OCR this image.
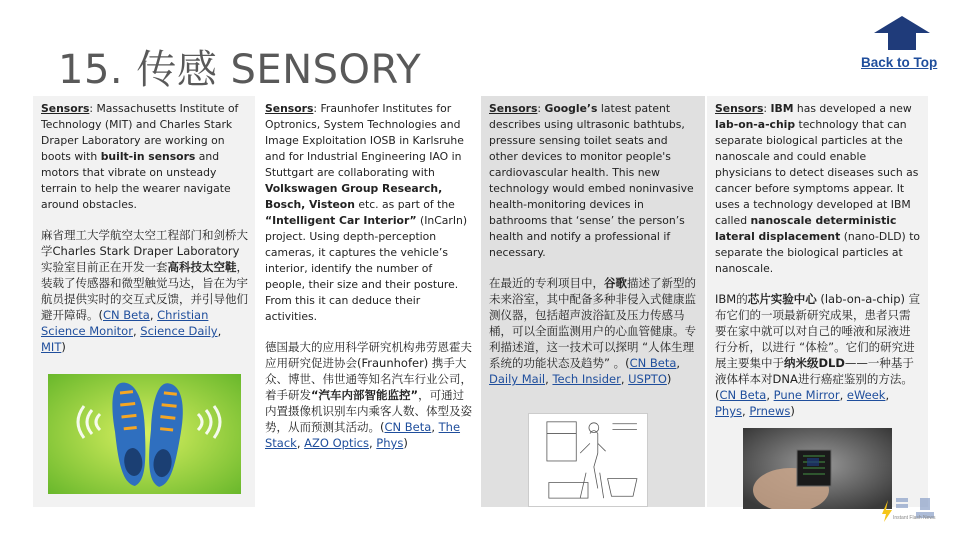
15. 传感 SENSORY	Back to Top

Sensors: Massachusetts Institute of Technology (MIT) and Charles Stark Draper Laboratory are working on boots with built-in sensors and motors that vibrate on unsteady terrain to help the wearer navigate around obstacles.

麻省理工大学航空太空工程部门和剑桥大学Charles Stark Draper Laboratory实验室目前正在开发一套高科技太空鞋，装载了传感器和微型触觉马达，旨在为宇航员提供实时的交互式反馈，并引导他们避开障碍。(CN Beta, Christian Science Monitor, Science Daily, MIT)

Sensors: Fraunhofer Institutes for Optronics, System Technologies and Image Exploitation IOSB in Karlsruhe and for Industrial Engineering IAO in Stuttgart are collaborating with Volkswagen Group Research, Bosch, Visteon etc. as part of the “Intelligent Car Interior” (InCarIn) project. Using depth-perception cameras, it captures the vehicle’s interior, identify the number of people, their size and their posture. From this it can deduce their activities.

德国最大的应用科学研究机构弗劳恩霍夫应用研究促进协会(Fraunhofer) 携手大众、博世、伟世通等知名汽车行业公司，着手研发“汽车内部智能监控”，可通过内置摄像机识别车内乘客人数、体型及姿势，从而预测其活动。(CN Beta, The Stack, AZO Optics, Phys)

Sensors: Google’s latest patent describes using ultrasonic bathtubs, pressure sensing toilet seats and other devices to monitor people's cardiovascular health. This new technology would embed noninvasive health-monitoring devices in bathrooms that ‘sense’ the person’s health and notify a professional if necessary.

在最近的专利项目中，谷歌描述了新型的未来浴室，其中配备多种非侵入式健康监测仪器，包括超声波浴缸及压力传感马桶，可以全面监测用户的心血管健康。专利描述道，这一技术可以探明 “人体生理系统的功能状态及趋势” 。(CN Beta, Daily Mail, Tech Insider, USPTO)

Sensors: IBM has developed a new lab-on-a-chip technology that can separate biological particles at the nanoscale and could enable physicians to detect diseases such as cancer before symptoms appear. It uses a technology developed at IBM called nanoscale deterministic lateral displacement (nano-DLD) to separate the biological particles at nanoscale.

IBM的芯片实验中心 (lab-on-a-chip) 宣布它们的一项最新研究成果，患者只需要在家中就可以对自己的唾液和尿液进行分析，以进行 “体检”。它们的研究进展主要集中于纳米级DLD——一种基于液体样本对DNA进行癌症鉴别的方法。(CN Beta, Pune Mirror, eWeek, Phys, Prnews)

Instant Flash News
